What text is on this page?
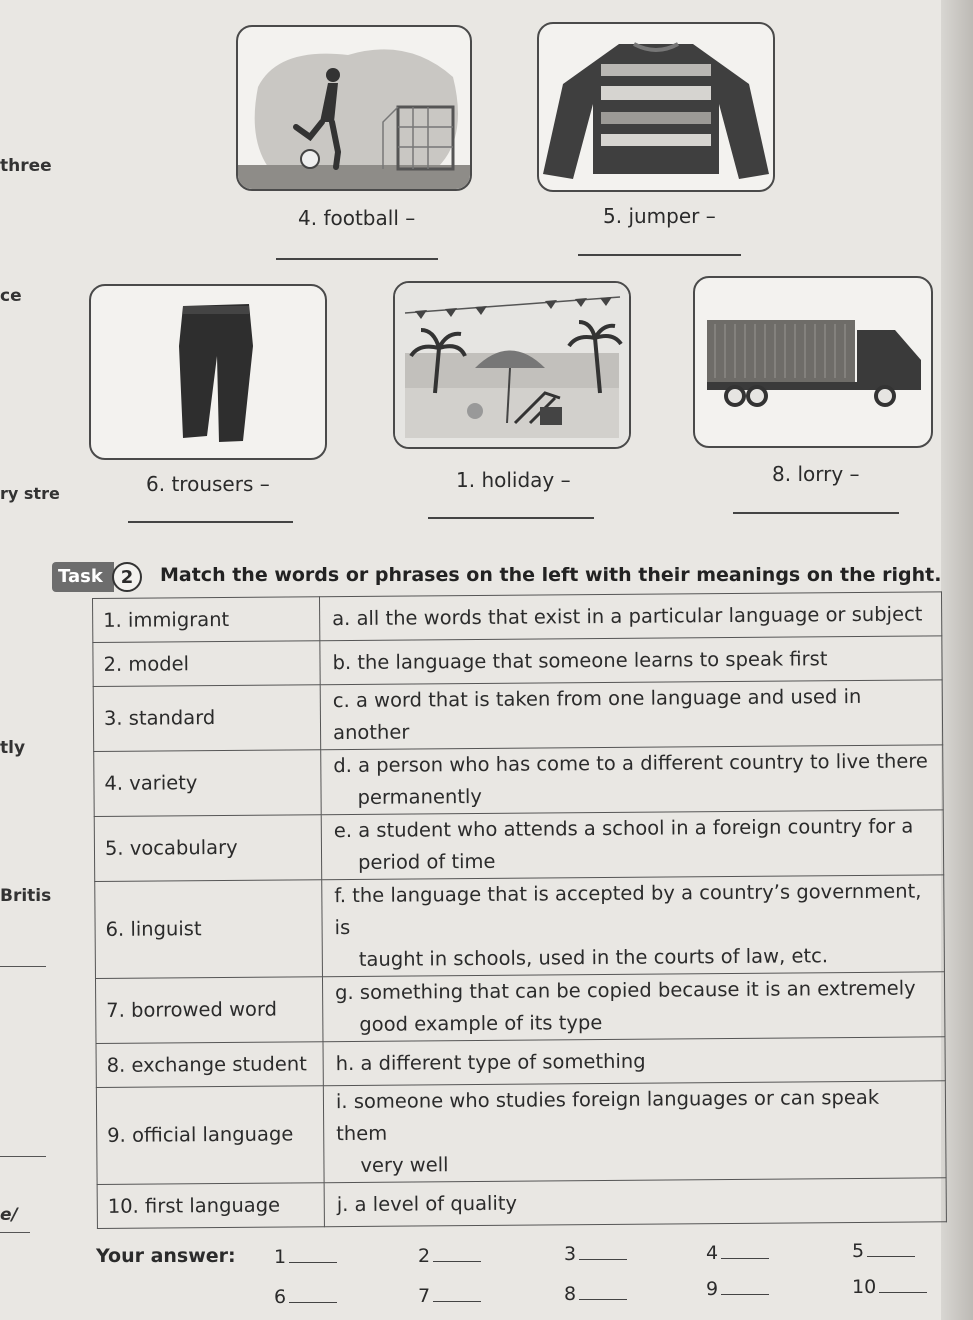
three
ce
ry stre
tly
Britis
e/
4. football –	5. jumper –
6. trousers –	1. holiday –	8. lorry –
Task 2	Match the words or phrases on the left with their meanings on the right.
1. immigrant	a. all the words that exist in a particular language or subject
2. model	b. the language that someone learns to speak first
3. standard	c. a word that is taken from one language and used in another
4. variety	d. a person who has come to a different country to live there
permanently

5. vocabulary	e. a student who attends a school in a foreign country for a
period of time

6. linguist	f. the language that is accepted by a country’s government, is
taught in schools, used in the courts of law, etc.

7. borrowed word	g. something that can be copied because it is an extremely
good example of its type

8. exchange student	h. a different type of something
9. official language	i. someone who studies foreign languages or can speak them
very well

10. first language	j. a level of quality
Your answer: 1	2	3	4	5
6	7	8	9	10
